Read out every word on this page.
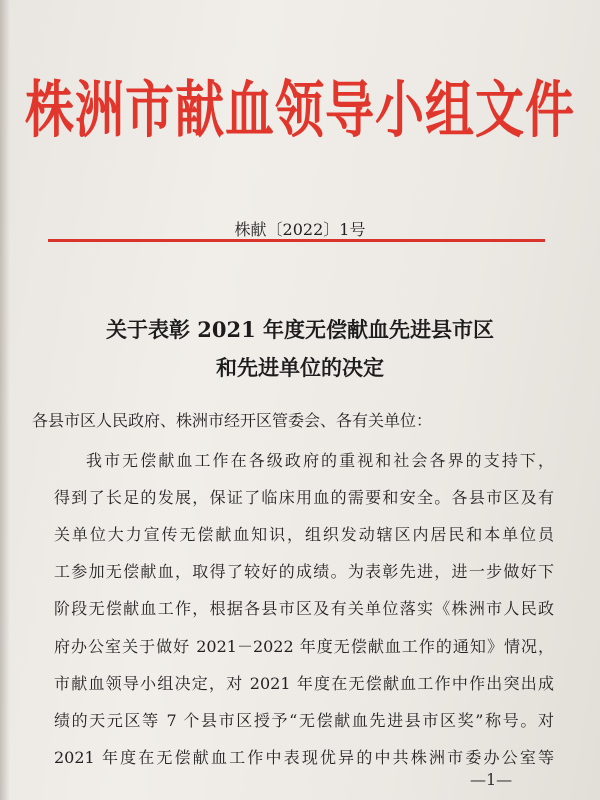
株洲市献血领导小组文件
株献〔2022〕1号
关于表彰 2021 年度无偿献血先进县市区
和先进单位的决定
各县市区人民政府、株洲市经开区管委会、各有关单位：
我市无偿献血工作在各级政府的重视和社会各界的支持下，
得到了长足的发展，保证了临床用血的需要和安全。各县市区及有
关单位大力宣传无偿献血知识，组织发动辖区内居民和本单位员
工参加无偿献血，取得了较好的成绩。为表彰先进，进一步做好下
阶段无偿献血工作，根据各县市区及有关单位落实《株洲市人民政
府办公室关于做好 2021－2022 年度无偿献血工作的通知》情况，
市献血领导小组决定，对 2021 年度在无偿献血工作中作出突出成
绩的天元区等 7 个县市区授予“无偿献血先进县市区奖”称号。对
2021 年度在无偿献血工作中表现优异的中共株洲市委办公室等
—1—
